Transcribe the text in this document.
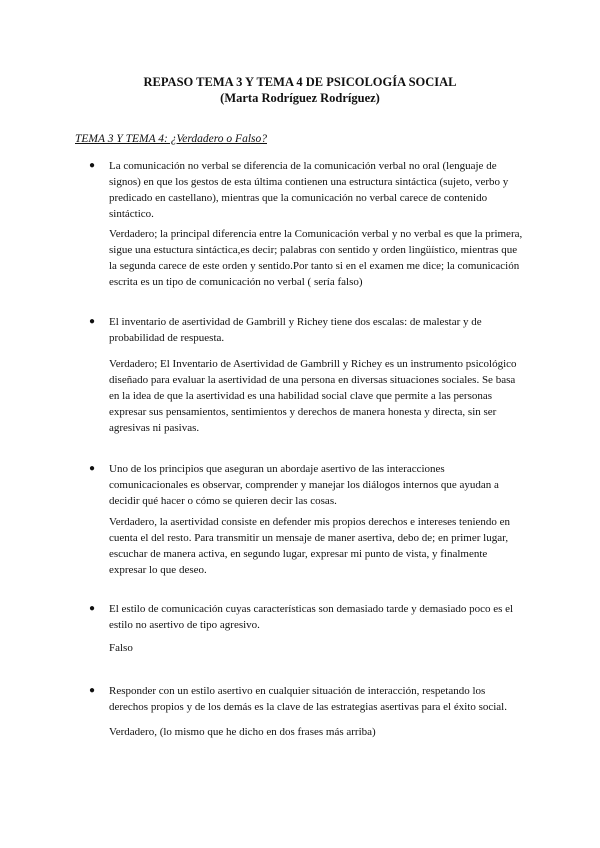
REPASO TEMA 3 Y TEMA 4 DE PSICOLOGÍA SOCIAL
(Marta Rodríguez Rodríguez)
TEMA 3 Y TEMA 4: ¿Verdadero o Falso?
● La comunicación no verbal se diferencia de la comunicación verbal no oral (lenguaje de signos) en que los gestos de esta última contienen una estructura sintáctica (sujeto, verbo y predicado en castellano), mientras que la comunicación no verbal carece de contenido sintáctico.
Verdadero; la principal diferencia entre la Comunicación verbal y no verbal es que la primera, sigue una estuctura sintáctica,es decir; palabras con sentido y orden lingüístico, mientras que la segunda carece de este orden y sentido.Por tanto si en el examen me dice; la comunicación escrita es un tipo de comunicación no verbal ( sería falso)
● El inventario de asertividad de Gambrill y Richey tiene dos escalas: de malestar y de probabilidad de respuesta.
Verdadero; El Inventario de Asertividad de Gambrill y Richey es un instrumento psicológico diseñado para evaluar la asertividad de una persona en diversas situaciones sociales. Se basa en la idea de que la asertividad es una habilidad social clave que permite a las personas expresar sus pensamientos, sentimientos y derechos de manera honesta y directa, sin ser agresivas ni pasivas.
● Uno de los principios que aseguran un abordaje asertivo de las interacciones comunicacionales es observar, comprender y manejar los diálogos internos que ayudan a decidir qué hacer o cómo se quieren decir las cosas.
Verdadero, la asertividad consiste en defender mis propios derechos e intereses teniendo en cuenta el del resto. Para transmitir un mensaje de maner asertiva, debo de; en primer lugar, escuchar de manera activa, en segundo lugar, expresar mi punto de vista, y finalmente expresar lo que deseo.
● El estilo de comunicación cuyas características son demasiado tarde y demasiado poco es el estilo no asertivo de tipo agresivo.
Falso
● Responder con un estilo asertivo en cualquier situación de interacción, respetando los derechos propios y de los demás es la clave de las estrategias asertivas para el éxito social.
Verdadero, (lo mismo que he dicho en dos frases más arriba)
